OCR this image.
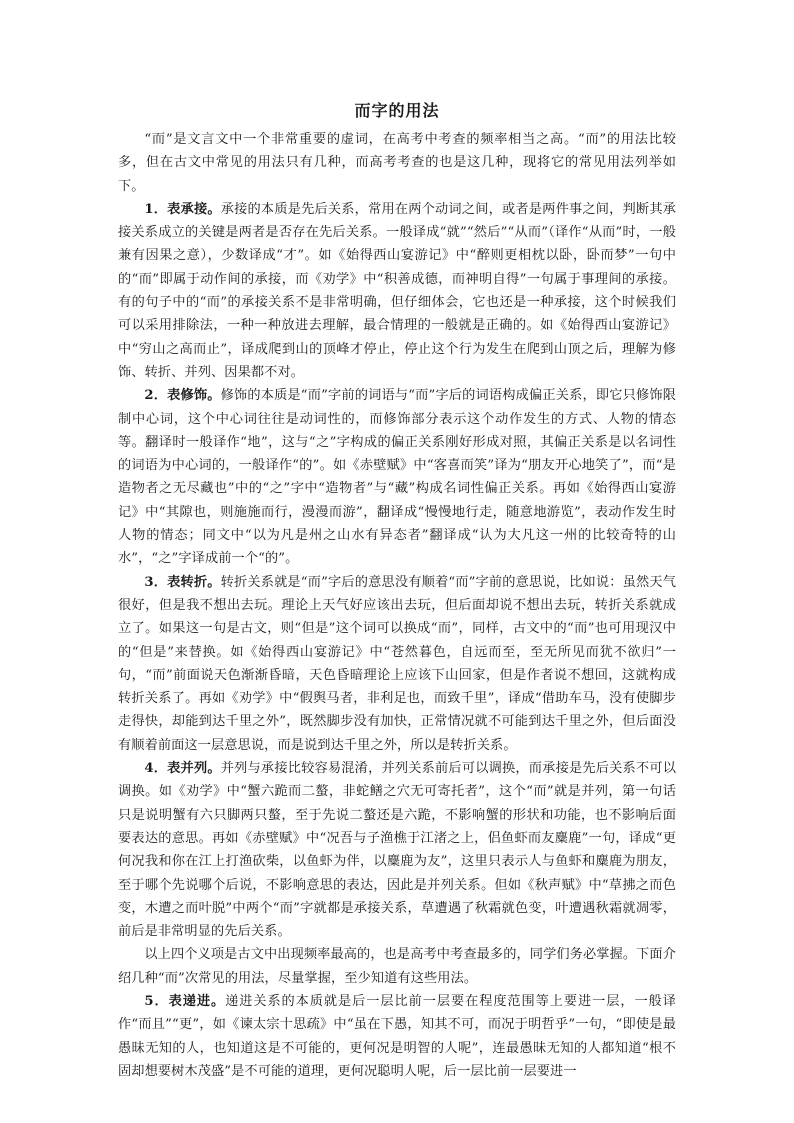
而字的用法

“而”是文言文中一个非常重要的虚词，在高考中考查的频率相当之高。“而”的用法比较多，但在古文中常见的用法只有几种，而高考考查的也是这几种，现将它的常见用法列举如下。

1．表承接。承接的本质是先后关系，常用在两个动词之间，或者是两件事之间，判断其承接关系成立的关键是两者是否存在先后关系。一般译成“就”“然后”“从而”（译作“从而”时，一般兼有因果之意），少数译成“才”。如《始得西山宴游记》中“醉则更相枕以卧，卧而梦”一句中的“而”即属于动作间的承接，而《劝学》中“积善成德，而神明自得”一句属于事理间的承接。有的句子中的“而”的承接关系不是非常明确，但仔细体会，它也还是一种承接，这个时候我们可以采用排除法，一种一种放进去理解，最合情理的一般就是正确的。如《始得西山宴游记》中“穷山之高而止”，译成爬到山的顶峰才停止，停止这个行为发生在爬到山顶之后，理解为修饰、转折、并列、因果都不对。

2．表修饰。修饰的本质是“而”字前的词语与“而”字后的词语构成偏正关系，即它只修饰限制中心词，这个中心词往往是动词性的，而修饰部分表示这个动作发生的方式、人物的情态等。翻译时一般译作“地”，这与“之”字构成的偏正关系刚好形成对照，其偏正关系是以名词性的词语为中心词的，一般译作“的”。如《赤壁赋》中“客喜而笑”译为“朋友开心地笑了”，而“是造物者之无尽藏也”中的“之”字中“造物者”与“藏”构成名词性偏正关系。再如《始得西山宴游记》中“其隙也，则施施而行，漫漫而游”，翻译成“慢慢地行走，随意地游览”，表动作发生时人物的情态；同文中“以为凡是州之山水有异态者”翻译成“认为大凡这一州的比较奇特的山水”，“之”字译成前一个“的”。

3．表转折。转折关系就是“而”字后的意思没有顺着“而”字前的意思说，比如说：虽然天气很好，但是我不想出去玩。理论上天气好应该出去玩，但后面却说不想出去玩，转折关系就成立了。如果这一句是古文，则“但是”这个词可以换成“而”，同样，古文中的“而”也可用现汉中的“但是”来替换。如《始得西山宴游记》中“苍然暮色，自远而至，至无所见而犹不欲归”一句，“而”前面说天色渐渐昏暗，天色昏暗理论上应该下山回家，但是作者说不想回，这就构成转折关系了。再如《劝学》中“假舆马者，非利足也，而致千里”，译成“借助车马，没有使脚步走得快，却能到达千里之外”，既然脚步没有加快，正常情况就不可能到达千里之外，但后面没有顺着前面这一层意思说，而是说到达千里之外，所以是转折关系。

4．表并列。并列与承接比较容易混淆，并列关系前后可以调换，而承接是先后关系不可以调换。如《劝学》中“蟹六跪而二螯，非蛇鳝之穴无可寄托者”，这个“而”就是并列，第一句话只是说明蟹有六只脚两只螯，至于先说二螯还是六跪，不影响蟹的形状和功能，也不影响后面要表达的意思。再如《赤壁赋》中“况吾与子渔樵于江渚之上，侣鱼虾而友麋鹿”一句，译成“更何况我和你在江上打渔砍柴，以鱼虾为伴，以麋鹿为友”，这里只表示人与鱼虾和麋鹿为朋友，至于哪个先说哪个后说，不影响意思的表达，因此是并列关系。但如《秋声赋》中“草拂之而色变，木遭之而叶脱”中两个“而”字就都是承接关系，草遭遇了秋霜就色变，叶遭遇秋霜就凋零，前后是非常明显的先后关系。

以上四个义项是古文中出现频率最高的，也是高考中考查最多的，同学们务必掌握。下面介绍几种“而”次常见的用法，尽量掌握，至少知道有这些用法。

5．表递进。递进关系的本质就是后一层比前一层要在程度范围等上要进一层，一般译作“而且”“更”，如《谏太宗十思疏》中“虽在下愚，知其不可，而况于明哲乎”一句，“即使是最愚昧无知的人，也知道这是不可能的，更何况是明智的人呢”，连最愚昧无知的人都知道“根不固却想要树木茂盛”是不可能的道理，更何况聪明人呢，后一层比前一层要进一
